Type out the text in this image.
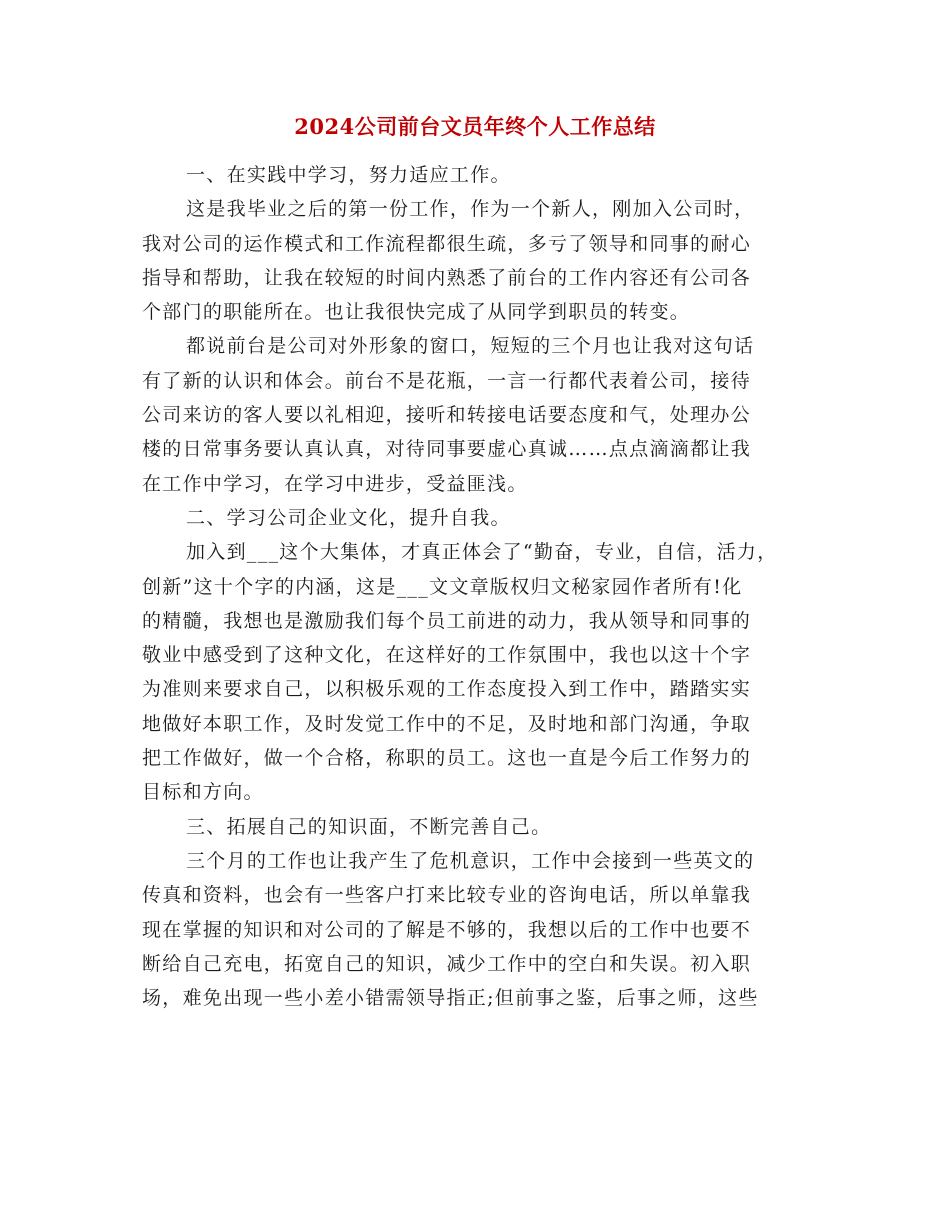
2024公司前台文员年终个人工作总结
一、在实践中学习，努力适应工作。
这是我毕业之后的第一份工作，作为一个新人，刚加入公司时，
我对公司的运作模式和工作流程都很生疏，多亏了领导和同事的耐心
指导和帮助，让我在较短的时间内熟悉了前台的工作内容还有公司各
个部门的职能所在。也让我很快完成了从同学到职员的转变。
都说前台是公司对外形象的窗口，短短的三个月也让我对这句话
有了新的认识和体会。前台不是花瓶，一言一行都代表着公司，接待
公司来访的客人要以礼相迎，接听和转接电话要态度和气，处理办公
楼的日常事务要认真认真，对待同事要虚心真诚……点点滴滴都让我
在工作中学习，在学习中进步，受益匪浅。
二、学习公司企业文化，提升自我。
加入到___这个大集体，才真正体会了“勤奋，专业，自信，活力，
创新”这十个字的内涵，这是___文文章版权归文秘家园作者所有!化
的精髓，我想也是激励我们每个员工前进的动力，我从领导和同事的
敬业中感受到了这种文化，在这样好的工作氛围中，我也以这十个字
为准则来要求自己，以积极乐观的工作态度投入到工作中，踏踏实实
地做好本职工作，及时发觉工作中的不足，及时地和部门沟通，争取
把工作做好，做一个合格，称职的员工。这也一直是今后工作努力的
目标和方向。
三、拓展自己的知识面，不断完善自己。
三个月的工作也让我产生了危机意识，工作中会接到一些英文的
传真和资料，也会有一些客户打来比较专业的咨询电话，所以单靠我
现在掌握的知识和对公司的了解是不够的，我想以后的工作中也要不
断给自己充电，拓宽自己的知识，减少工作中的空白和失误。初入职
场，难免出现一些小差小错需领导指正;但前事之鉴，后事之师，这些
